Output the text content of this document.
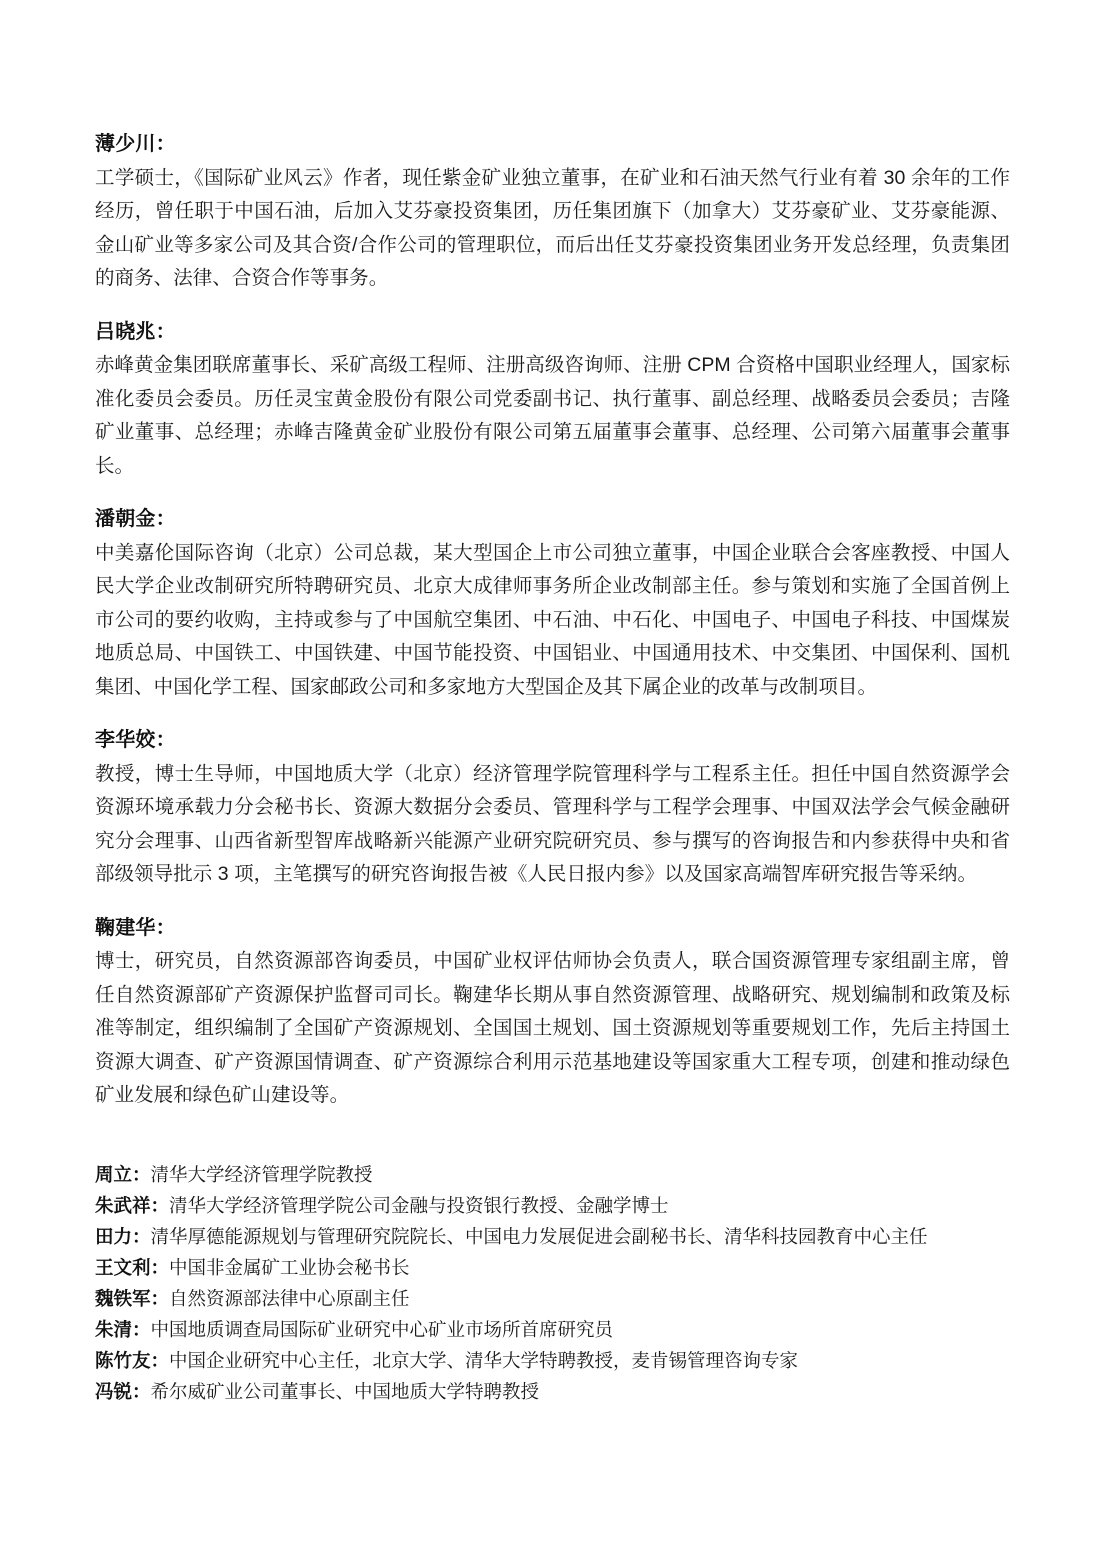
薄少川：
工学硕士，《国际矿业风云》作者，现任紫金矿业独立董事，在矿业和石油天然气行业有着 30 余年的工作经历，曾任职于中国石油，后加入艾芬豪投资集团，历任集团旗下（加拿大）艾芬豪矿业、艾芬豪能源、金山矿业等多家公司及其合资/合作公司的管理职位，而后出任艾芬豪投资集团业务开发总经理，负责集团的商务、法律、合资合作等事务。
吕晓兆：
赤峰黄金集团联席董事长、采矿高级工程师、注册高级咨询师、注册 CPM 合资格中国职业经理人，国家标准化委员会委员。历任灵宝黄金股份有限公司党委副书记、执行董事、副总经理、战略委员会委员；吉隆矿业董事、总经理；赤峰吉隆黄金矿业股份有限公司第五届董事会董事、总经理、公司第六届董事会董事长。
潘朝金：
中美嘉伦国际咨询（北京）公司总裁，某大型国企上市公司独立董事，中国企业联合会客座教授、中国人民大学企业改制研究所特聘研究员、北京大成律师事务所企业改制部主任。参与策划和实施了全国首例上市公司的要约收购，主持或参与了中国航空集团、中石油、中石化、中国电子、中国电子科技、中国煤炭地质总局、中国铁工、中国铁建、中国节能投资、中国铝业、中国通用技术、中交集团、中国保利、国机集团、中国化学工程、国家邮政公司和多家地方大型国企及其下属企业的改革与改制项目。
李华姣：
教授，博士生导师，中国地质大学（北京）经济管理学院管理科学与工程系主任。担任中国自然资源学会资源环境承载力分会秘书长、资源大数据分会委员、管理科学与工程学会理事、中国双法学会气候金融研究分会理事、山西省新型智库战略新兴能源产业研究院研究员、参与撰写的咨询报告和内参获得中央和省部级领导批示 3 项，主笔撰写的研究咨询报告被《人民日报内参》以及国家高端智库研究报告等采纳。
鞠建华：
博士，研究员，自然资源部咨询委员，中国矿业权评估师协会负责人，联合国资源管理专家组副主席，曾任自然资源部矿产资源保护监督司司长。鞠建华长期从事自然资源管理、战略研究、规划编制和政策及标准等制定，组织编制了全国矿产资源规划、全国国土规划、国土资源规划等重要规划工作，先后主持国土资源大调查、矿产资源国情调查、矿产资源综合利用示范基地建设等国家重大工程专项，创建和推动绿色矿业发展和绿色矿山建设等。
周立：清华大学经济管理学院教授
朱武祥：清华大学经济管理学院公司金融与投资银行教授、金融学博士
田力：清华厚德能源规划与管理研究院院长、中国电力发展促进会副秘书长、清华科技园教育中心主任
王文利：中国非金属矿工业协会秘书长
魏铁军：自然资源部法律中心原副主任
朱清：中国地质调查局国际矿业研究中心矿业市场所首席研究员
陈竹友：中国企业研究中心主任，北京大学、清华大学特聘教授，麦肯锡管理咨询专家
冯锐：希尔威矿业公司董事长、中国地质大学特聘教授
